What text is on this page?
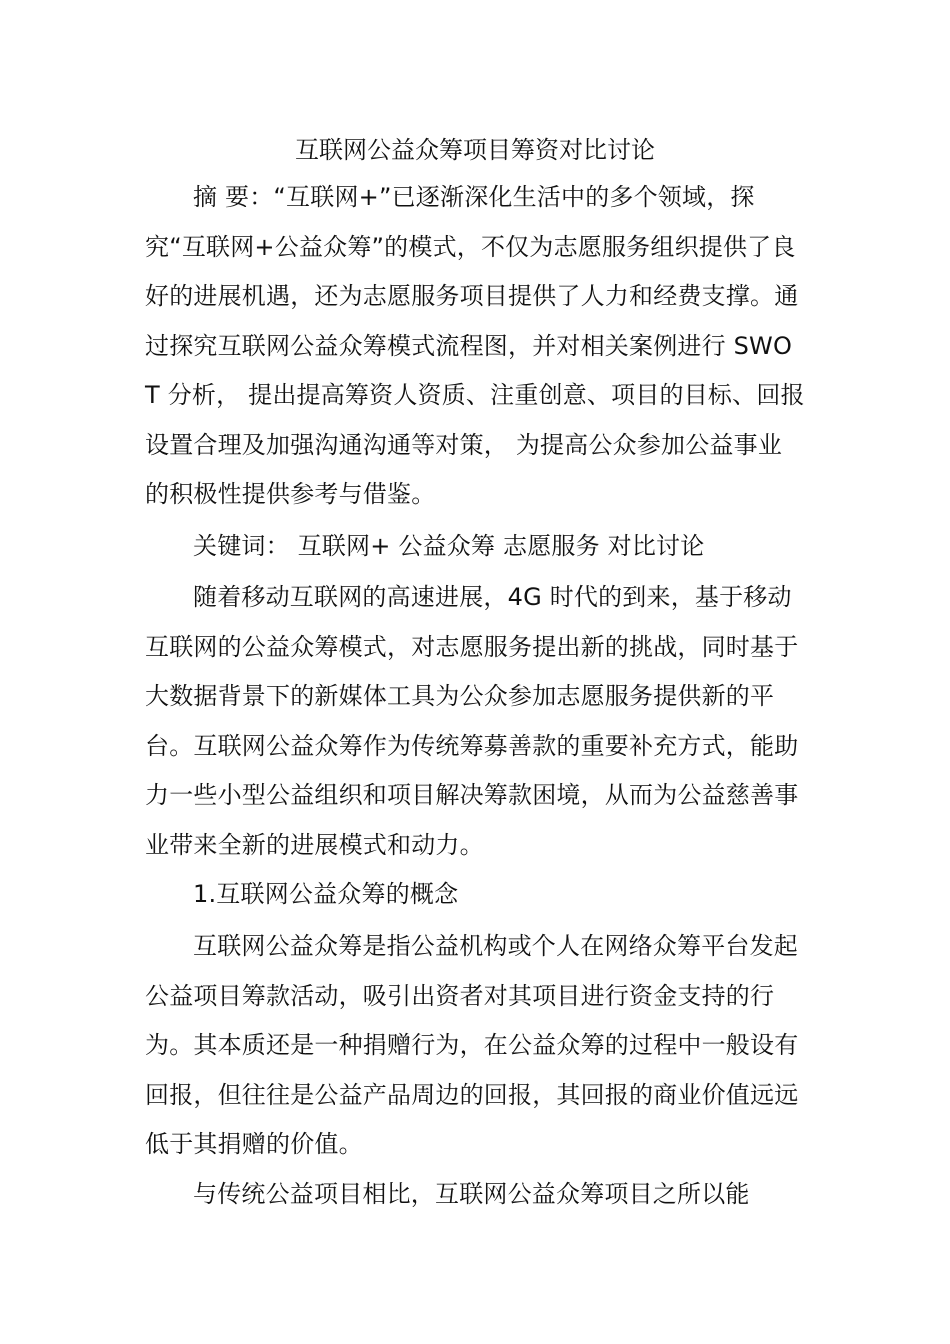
互联网公益众筹项目筹资对比讨论
摘 要：“互联网+”已逐渐深化生活中的多个领域，探究“互联网+公益众筹”的模式，不仅为志愿服务组织提供了良好的进展机遇，还为志愿服务项目提供了人力和经费支撑。通过探究互联网公益众筹模式流程图，并对相关案例进行 SWOT 分析， 提出提高筹资人资质、注重创意、项目的目标、回报设置合理及加强沟通沟通等对策， 为提高公众参加公益事业的积极性提供参考与借鉴。
关键词： 互联网+ 公益众筹 志愿服务 对比讨论
随着移动互联网的高速进展，4G 时代的到来，基于移动互联网的公益众筹模式，对志愿服务提出新的挑战，同时基于大数据背景下的新媒体工具为公众参加志愿服务提供新的平台。互联网公益众筹作为传统筹募善款的重要补充方式，能助力一些小型公益组织和项目解决筹款困境，从而为公益慈善事业带来全新的进展模式和动力。
1.互联网公益众筹的概念
互联网公益众筹是指公益机构或个人在网络众筹平台发起公益项目筹款活动，吸引出资者对其项目进行资金支持的行为。其本质还是一种捐赠行为，在公益众筹的过程中一般设有回报，但往往是公益产品周边的回报，其回报的商业价值远远低于其捐赠的价值。
与传统公益项目相比，互联网公益众筹项目之所以能
